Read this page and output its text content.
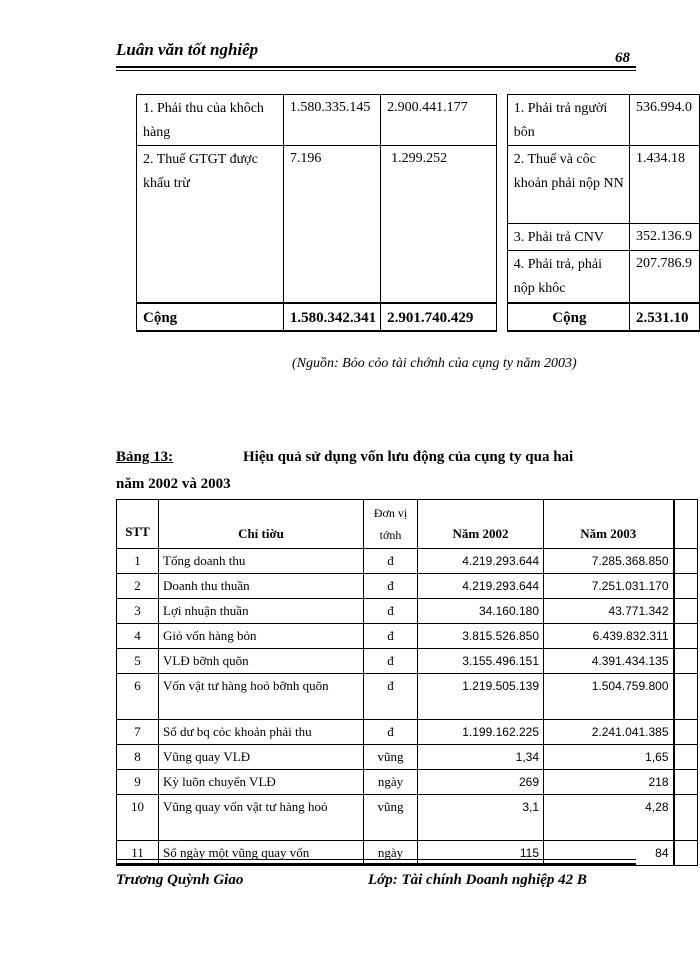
Luân văn tốt nghiêp	68
1. Phải thu của khôch hàng	1.580.335.145	2.900.441.177		1. Phải trả người bôn	536.994.0
2. Thuế GTGT được khấu trừ	7.196	1.299.252		2. Thuế và côc khoản phải nộp NN	1.434.18
				3. Phải trả CNV	352.136.9
				4. Phải trả, phải nộp khôc	207.786.9
Cộng	1.580.342.341	2.901.740.429		Cộng	2.531.10
(Nguồn: Bỏo cỏo tài chớnh của cụng ty năm 2003)
Bảng 13:	Hiệu quả sử dụng vốn lưu động của cụng ty qua hai
năm 2002 và 2003
STT	Chỉ tiờu	Đơn vị tớnh	Năm 2002	Năm 2003	
1	Tổng doanh thu	đ	4.219.293.644	7.285.368.850	
2	Doanh thu thuần	đ	4.219.293.644	7.251.031.170	
3	Lợi nhuận thuần	đ	34.160.180	43.771.342	
4	Giỏ vốn hàng bỏn	đ	3.815.526.850	6.439.832.311	
5	VLĐ bỡnh quõn	đ	3.155.496.151	4.391.434.135	
6	Vốn vật tư hàng hoỏ bỡnh quõn	đ	1.219.505.139	1.504.759.800	
7	Số dư bq cỏc khoản phải thu	đ	1.199.162.225	2.241.041.385	
8	Vũng quay VLĐ	vũng	1,34	1,65	
9	Kỳ luõn chuyển VLĐ	ngày	269	218	
10	Vũng quay vốn vật tư hàng hoỏ	vũng	3,1	4,28	
11	Số ngày một vũng quay vốn	ngày	115	84	
Trương Quỳnh Giao	Lớp: Tài chính Doanh nghiệp 42 B
